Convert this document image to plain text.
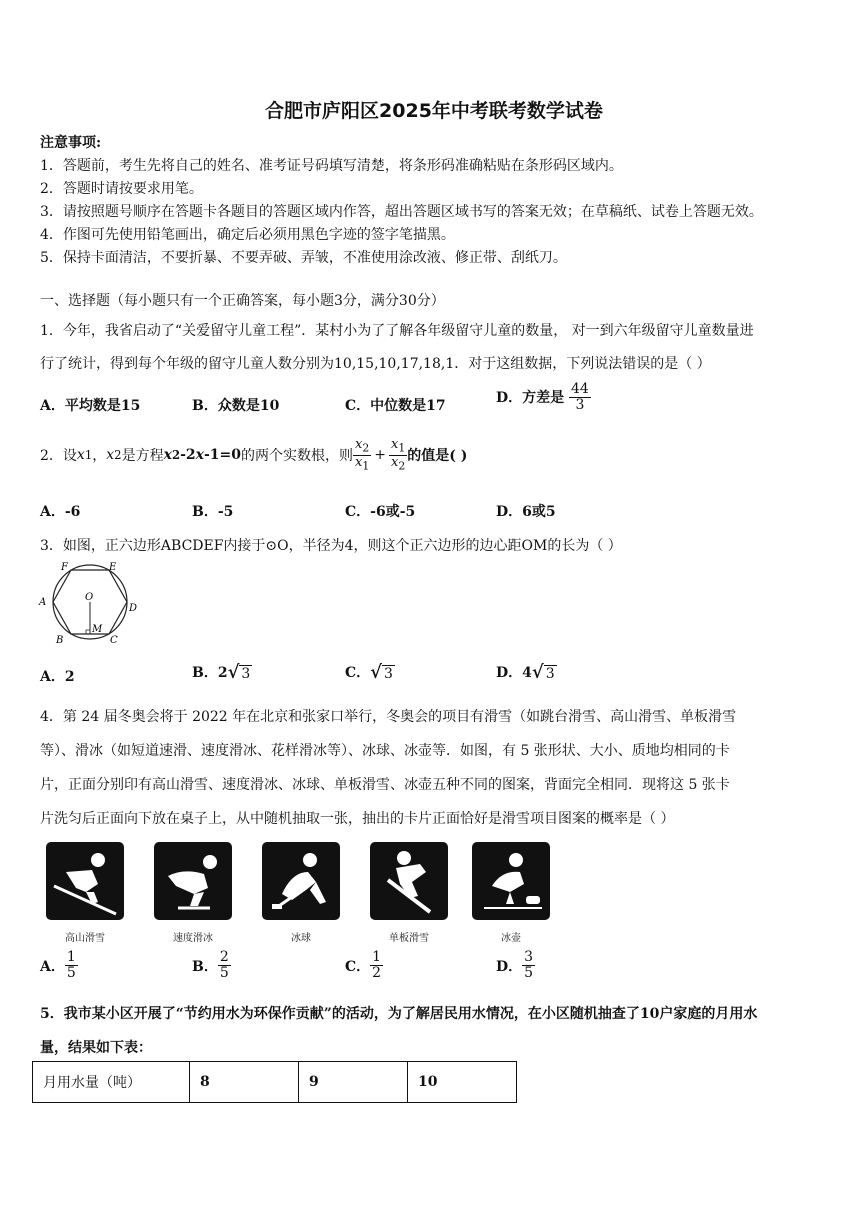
合肥市庐阳区2025年中考联考数学试卷
注意事项:
1．答题前，考生先将自己的姓名、准考证号码填写清楚，将条形码准确粘贴在条形码区域内。
2．答题时请按要求用笔。
3．请按照题号顺序在答题卡各题目的答题区域内作答，超出答题区域书写的答案无效；在草稿纸、试卷上答题无效。
4．作图可先使用铅笔画出，确定后必须用黑色字迹的签字笔描黑。
5．保持卡面清洁，不要折暴、不要弄破、弄皱，不准使用涂改液、修正带、刮纸刀。
一、选择题（每小题只有一个正确答案，每小题3分，满分30分）
1．今年，我省启动了“关爱留守儿童工程”．某村小为了了解各年级留守儿童的数量， 对一到六年级留守儿童数量进
行了统计，得到每个年级的留守儿童人数分别为10,15,10,17,18,1．对于这组数据，下列说法错误的是（ ）
A．平均数是15	B．众数是10	C．中位数是17
D．方差是 $\frac{44}{3}$
2．设 x 1 ， x 2 是方程 x 2 -2 x -1=0 的两个实数根，则 $\frac{x_2}{x_1} + \frac{x_1}{x_2}$ 的值是( )
A．-6	B．-5	C．-6或-5	D．6或5
3．如图，正六边形ABCDEF内接于⊙O，半径为4，则这个正六边形的边心距OM的长为（ ）
A
B	C
D
E
F
O
M
A．2	B．2 √ 3	C． √ 3	D．4 √ 3
4．第 24 届冬奥会将于 2022 年在北京和张家口举行，冬奥会的项目有滑雪（如跳台滑雪、高山滑雪、单板滑雪
等）、滑冰（如短道速滑、速度滑冰、花样滑冰等）、冰球、冰壶等．如图，有 5 张形状、大小、质地均相同的卡
片，正面分别印有高山滑雪、速度滑冰、冰球、单板滑雪、冰壶五种不同的图案，背面完全相同．现将这 5 张卡
片洗匀后正面向下放在桌子上，从中随机抽取一张，抽出的卡片正面恰好是滑雪项目图案的概率是（ ）
高山滑雪	速度滑冰	冰球	单板滑雪	冰壶
A． $\frac{1}{5}$	B． $\frac{2}{5}$	C． $\frac{1}{2}$	D． $\frac{3}{5}$
5．我市某小区开展了“节约用水为环保作贡献”的活动，为了解居民用水情况，在小区随机抽查了10户家庭的月用水
量，结果如下表：
月用水量（吨）	8	9	10
